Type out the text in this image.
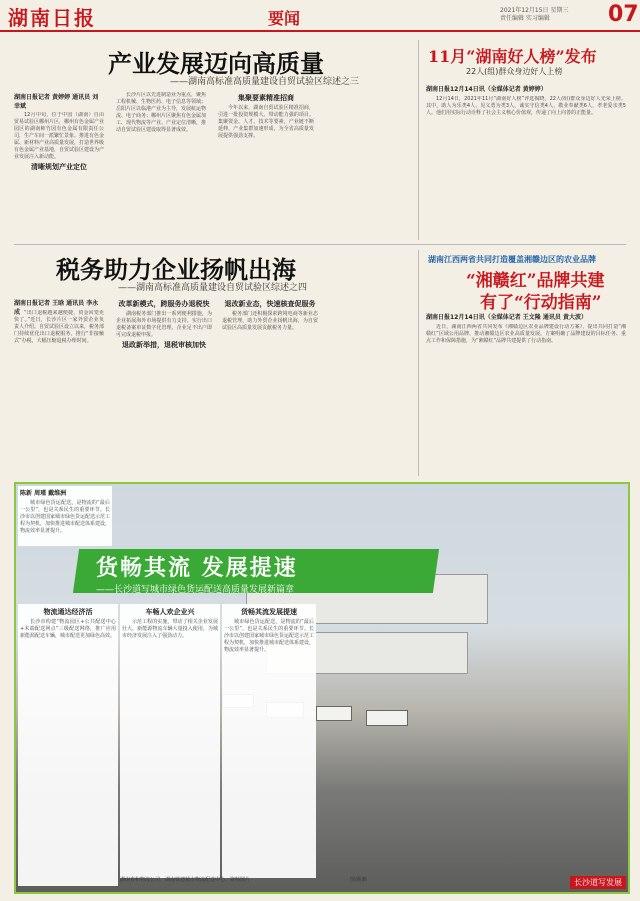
湖南日报	要闻	2021年12月15日 星期三
责任编辑 实习编辑	07
产业发展迈向高质量
——湖南高标准高质量建设自贸试验区综述之三
湖南日报记者 黄婷婷 通讯员 刘幸斌

12月中旬，位于中国（湖南）自由贸易试验区郴州片区，郴州有色金属产业园区的湖南柿竹园有色金属有限责任公司，生产车间一派繁忙景象。推进有色金属、新材料产业高质量发展，打造世界级有色金属产业基地，自贸试验区建设为产业发展注入新动能。

清晰规划产业定位

长沙片区以先进制造业为重点，聚焦工程机械、生物医药、电子信息等领域；岳阳片区以临港产业为主导，发展航运物流、电子商务；郴州片区聚焦有色金属加工、现代物流等产业。产业定位清晰，推动自贸试验区建设取得显著成效。

集聚要素精准招商

今年以来，湖南自贸试验区精准招商，引进一批投资规模大、带动能力强的项目。集聚资金、人才、技术等要素，产业链不断延伸，产业集群加速形成，为全省高质量发展提供强劲支撑。

11月“湖南好人榜”发布
22人(组)群众身边好人上榜
湖南日报12月14日讯（全媒体记者 黄婷婷）

12月14日，2021年11月“湖南好人榜”评选揭晓，22人(组)群众身边好人光荣上榜。其中，助人为乐类4人，见义勇为类3人，诚实守信类4人，敬业奉献类6人，孝老爱亲类5人。他们用实际行动诠释了社会主义核心价值观，传递了向上向善的正能量。

税务助力企业扬帆出海
——湖南高标准高质量建设自贸试验区综述之四
湖南日报记者 王晗 通讯员 李永成 “出口退税越来越便捷，资金回笼更快了。”近日，长沙片区一家外贸企业负责人介绍。自贸试验区设立以来，税务部门持续优化出口退税服务，推行“非接触式”办税，大幅压缩退税办理时间。

改革新模式，跨服务办退税快

湖南税务部门推出一系列便利措施，为企业拓展海外市场提供有力支持。实行出口退税备案单证数字化管理，企业足不出户即可完成退税申报。

退政新举措，退税审核加快
退改新业态，快速核查促服务

税务部门还积极探索跨境电商等新业态退税管理，助力外贸企业扬帆出海，为自贸试验区高质量发展贡献税务力量。

湖南江西两省共同打造覆盖湘赣边区的农业品牌
“湘赣红”品牌共建
有了“行动指南”
湖南日报12月14日讯（全媒体记者 王文隆 通讯员 黄大波）

近日，湖南江西两省共同发布《湘赣边区农业品牌建设行动方案》，提出共同打造“湘赣红”区域公用品牌，推动湘赣边区农业高质量发展。方案明确了品牌建设的目标任务、重点工作和保障措施，为“湘赣红”品牌共建提供了行动指南。

陈新 周瑾 戴维洲

城市绿色货运配送，是物流的“最后一公里”，也是关系民生的重要环节。长沙市以创建国家城市绿色货运配送示范工程为契机，加快推进城市配送体系建设，物流效率显著提升。

货畅其流 发展提速
——长沙道写城市绿色货运配送高质量发展新篇章
物流通达经济活

长沙市构建“物流园区+公共配送中心+末端配送网点”三级配送网络，推广应用新能源配送车辆，城市配送更加绿色高效。

车畅人欢企业兴

示范工程的实施，带动了相关企业发展壮大，新能源物流车辆大量投入使用，为城市经济发展注入了强劲动力。

货畅其流发展提速

城市绿色货运配送，是物流的“最后一公里”，也是关系民生的重要环节。长沙市以创建国家城市绿色货运配送示范工程为契机，加快推进城市配送体系建设，物流效率显著提升。

湖南春和物流公司，湖南铁建城市物流配送中心。资料图片	图/新湘	长沙道写发展
